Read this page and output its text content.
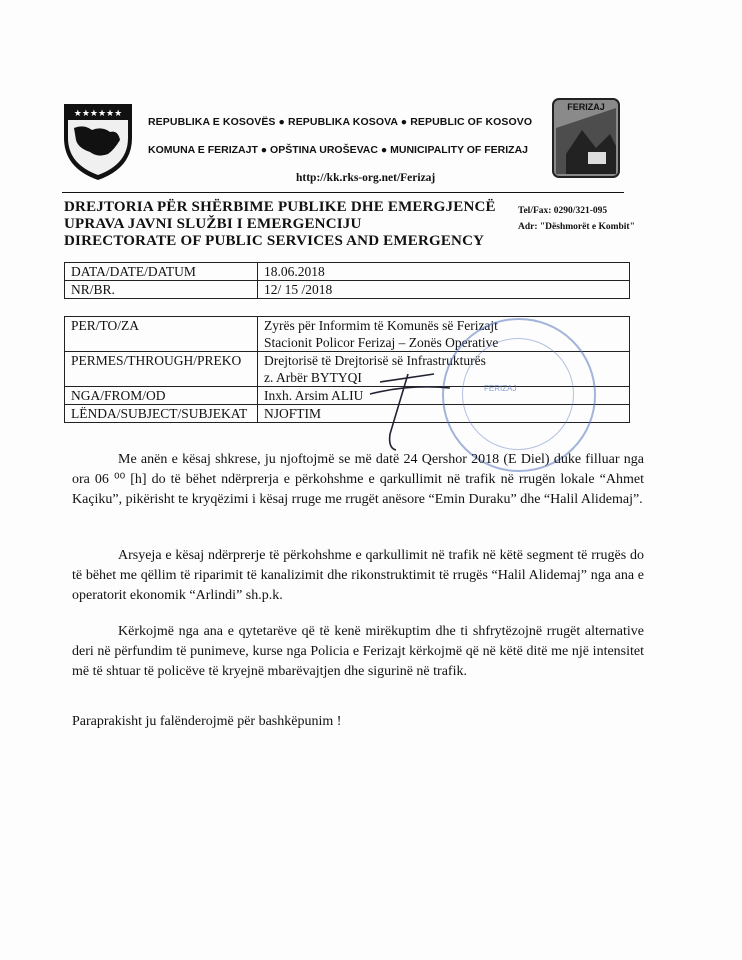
★★★★★★
FERIZAJ
REPUBLIKA E KOSOVËS ● REPUBLIKA KOSOVA ● REPUBLIC OF KOSOVO
KOMUNA E FERIZAJT ● OPŠTINA UROŠEVAC ● MUNICIPALITY OF FERIZAJ
http://kk.rks-org.net/Ferizaj
DREJTORIA PËR SHËRBIME PUBLIKE DHE EMERGJENCË
UPRAVA JAVNI SLUŽBI I EMERGENCIJU
DIRECTORATE OF PUBLIC SERVICES AND EMERGENCY
Tel/Fax: 0290/321-095
Adr: "Dëshmorët e Kombit"
DATA/DATE/DATUM	18.06.2018
NR/BR.	12/ 15 /2018
PER/TO/ZA	Zyrës për Informim të Komunës së Ferizajt
Stacionit Policor Ferizaj – Zonës Operative

PERMES/THROUGH/PREKO	Drejtorisë të Drejtorisë së Infrastrukturës
z. Arbër BYTYQI

NGA/FROM/OD	Inxh. Arsim ALIU
LËNDA/SUBJECT/SUBJEKAT	NJOFTIM
FERIZAJ
Me anën e kësaj shkrese, ju njoftojmë se më datë 24 Qershor 2018 (E Diel) duke filluar nga ora 06 ⁰⁰ [h] do të bëhet ndërprerja e përkohshme e qarkullimit në trafik në rrugën lokale “Ahmet Kaçiku”, pikërisht te kryqëzimi i kësaj rruge me rrugët anësore “Emin Duraku” dhe “Halil Alidemaj”.
Arsyeja e kësaj ndërprerje të përkohshme e qarkullimit në trafik në këtë segment të rrugës do të bëhet me qëllim të riparimit të kanalizimit dhe rikonstruktimit të rrugës “Halil Alidemaj” nga ana e operatorit ekonomik “Arlindi” sh.p.k.
Kërkojmë nga ana e qytetarëve që të kenë mirëkuptim dhe ti shfrytëzojnë rrugët alternative deri në përfundim të punimeve, kurse nga Policia e Ferizajt kërkojmë që në këtë ditë me një intensitet më të shtuar të policëve të kryejnë mbarëvajtjen dhe sigurinë në trafik.
Paraprakisht ju falënderojmë për bashkëpunim !
